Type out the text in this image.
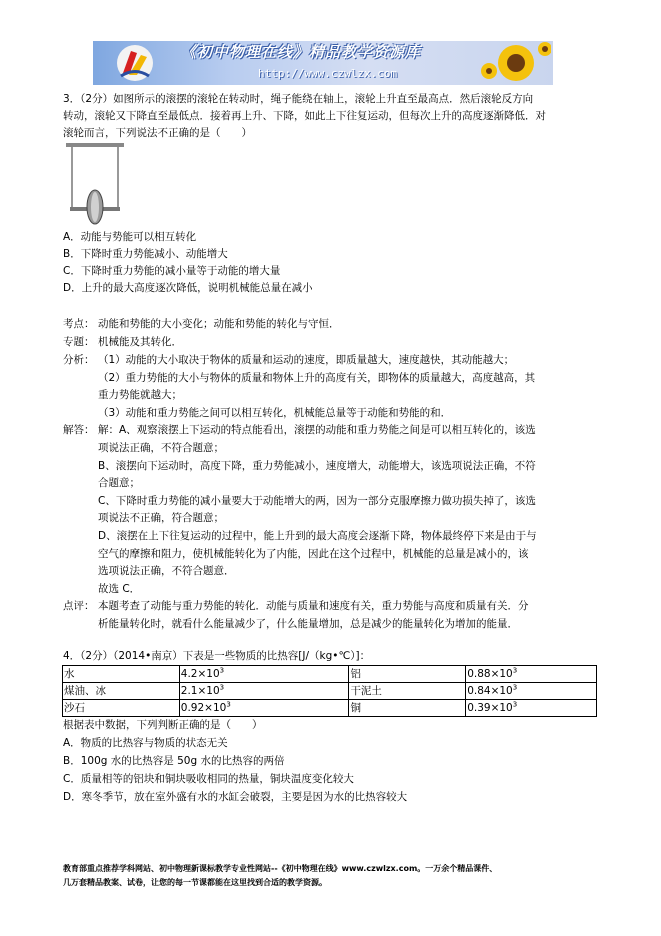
《初中物理在线》精品教学资源库
http://www.czwlzx.com
3．（2分）如图所示的滚摆的滚轮在转动时，绳子能绕在轴上，滚轮上升直至最高点．然后滚轮反方向
转动，滚轮又下降直至最低点．接着再上升、下降，如此上下往复运动，但每次上升的高度逐渐降低．对
滚轮而言，下列说法不正确的是（　　）
A．动能与势能可以相互转化
B．下降时重力势能减小、动能增大
C．下降时重力势能的减小量等于动能的增大量
D．上升的最大高度逐次降低，说明机械能总量在减小
考点： 动能和势能的大小变化；动能和势能的转化与守恒．
专题： 机械能及其转化．
分析： （1）动能的大小取决于物体的质量和运动的速度，即质量越大，速度越快，其动能越大；
（2）重力势能的大小与物体的质量和物体上升的高度有关，即物体的质量越大，高度越高，其
重力势能就越大；
（3）动能和重力势能之间可以相互转化，机械能总量等于动能和势能的和．
解答： 解：A、观察滚摆上下运动的特点能看出，滚摆的动能和重力势能之间是可以相互转化的，该选
项说法正确，不符合题意；
B、滚摆向下运动时，高度下降，重力势能减小，速度增大，动能增大，该选项说法正确，不符
合题意；
C、下降时重力势能的减小量要大于动能增大的两，因为一部分克服摩擦力做功损失掉了，该选
项说法不正确，符合题意；
D、滚摆在上下往复运动的过程中，能上升到的最大高度会逐渐下降，物体最终停下来是由于与
空气的摩擦和阻力，使机械能转化为了内能，因此在这个过程中，机械能的总量是减小的，该
选项说法正确，不符合题意．
故选 C．
点评： 本题考查了动能与重力势能的转化．动能与质量和速度有关，重力势能与高度和质量有关．分
析能量转化时，就看什么能量减少了，什么能量增加，总是减少的能量转化为增加的能量．
4．（2分）（2014•南京）下表是一些物质的比热容[J/（kg•℃）]：
水	$4.2\times 10^3$	铝	$0.88\times 10^3$
煤油、冰	$2.1\times 10^3$	干泥土	$0.84\times 10^3$
沙石	$0.92\times 10^3$	铜	$0.39\times 10^3$
根据表中数据，下列判断正确的是（　　）
A．物质的比热容与物质的状态无关
B．100g 水的比热容是 50g 水的比热容的两倍
C．质量相等的铝块和铜块吸收相同的热量，铜块温度变化较大
D．寒冬季节，放在室外盛有水的水缸会破裂，主要是因为水的比热容较大
教育部重点推荐学科网站、初中物理新课标教学专业性网站--《初中物理在线》www.czwlzx.com。一万余个精品课件、
几万套精品教案、试卷，让您的每一节课都能在这里找到合适的教学资源。
